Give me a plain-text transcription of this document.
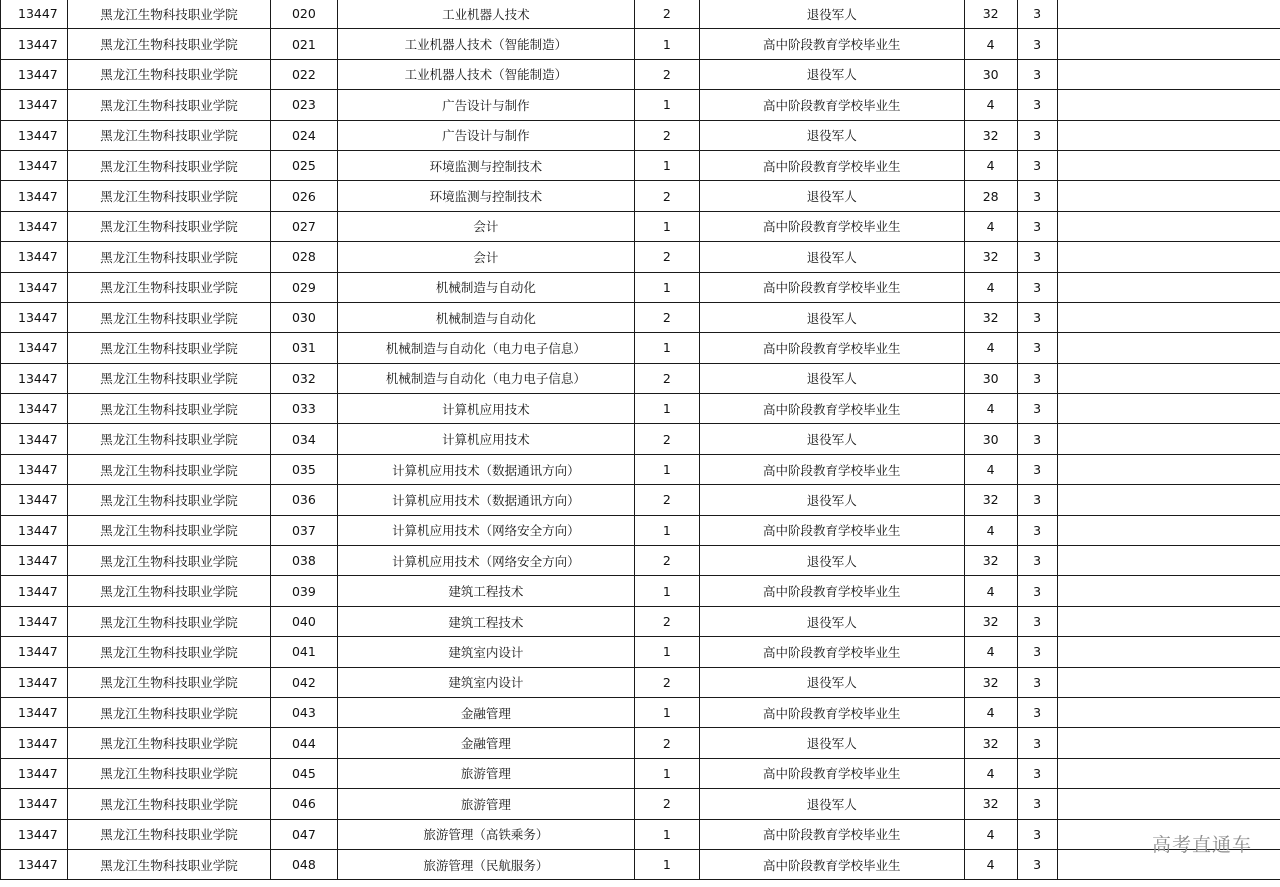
13447	黑龙江生物科技职业学院	020	工业机器人技术	2	退役军人	32	3	
13447	黑龙江生物科技职业学院	021	工业机器人技术（智能制造）	1	高中阶段教育学校毕业生	4	3	
13447	黑龙江生物科技职业学院	022	工业机器人技术（智能制造）	2	退役军人	30	3	
13447	黑龙江生物科技职业学院	023	广告设计与制作	1	高中阶段教育学校毕业生	4	3	
13447	黑龙江生物科技职业学院	024	广告设计与制作	2	退役军人	32	3	
13447	黑龙江生物科技职业学院	025	环境监测与控制技术	1	高中阶段教育学校毕业生	4	3	
13447	黑龙江生物科技职业学院	026	环境监测与控制技术	2	退役军人	28	3	
13447	黑龙江生物科技职业学院	027	会计	1	高中阶段教育学校毕业生	4	3	
13447	黑龙江生物科技职业学院	028	会计	2	退役军人	32	3	
13447	黑龙江生物科技职业学院	029	机械制造与自动化	1	高中阶段教育学校毕业生	4	3	
13447	黑龙江生物科技职业学院	030	机械制造与自动化	2	退役军人	32	3	
13447	黑龙江生物科技职业学院	031	机械制造与自动化（电力电子信息）	1	高中阶段教育学校毕业生	4	3	
13447	黑龙江生物科技职业学院	032	机械制造与自动化（电力电子信息）	2	退役军人	30	3	
13447	黑龙江生物科技职业学院	033	计算机应用技术	1	高中阶段教育学校毕业生	4	3	
13447	黑龙江生物科技职业学院	034	计算机应用技术	2	退役军人	30	3	
13447	黑龙江生物科技职业学院	035	计算机应用技术（数据通讯方向）	1	高中阶段教育学校毕业生	4	3	
13447	黑龙江生物科技职业学院	036	计算机应用技术（数据通讯方向）	2	退役军人	32	3	
13447	黑龙江生物科技职业学院	037	计算机应用技术（网络安全方向）	1	高中阶段教育学校毕业生	4	3	
13447	黑龙江生物科技职业学院	038	计算机应用技术（网络安全方向）	2	退役军人	32	3	
13447	黑龙江生物科技职业学院	039	建筑工程技术	1	高中阶段教育学校毕业生	4	3	
13447	黑龙江生物科技职业学院	040	建筑工程技术	2	退役军人	32	3	
13447	黑龙江生物科技职业学院	041	建筑室内设计	1	高中阶段教育学校毕业生	4	3	
13447	黑龙江生物科技职业学院	042	建筑室内设计	2	退役军人	32	3	
13447	黑龙江生物科技职业学院	043	金融管理	1	高中阶段教育学校毕业生	4	3	
13447	黑龙江生物科技职业学院	044	金融管理	2	退役军人	32	3	
13447	黑龙江生物科技职业学院	045	旅游管理	1	高中阶段教育学校毕业生	4	3	
13447	黑龙江生物科技职业学院	046	旅游管理	2	退役军人	32	3	
13447	黑龙江生物科技职业学院	047	旅游管理（高铁乘务）	1	高中阶段教育学校毕业生	4	3	
13447	黑龙江生物科技职业学院	048	旅游管理（民航服务）	1	高中阶段教育学校毕业生	4	3	
高考直通车
